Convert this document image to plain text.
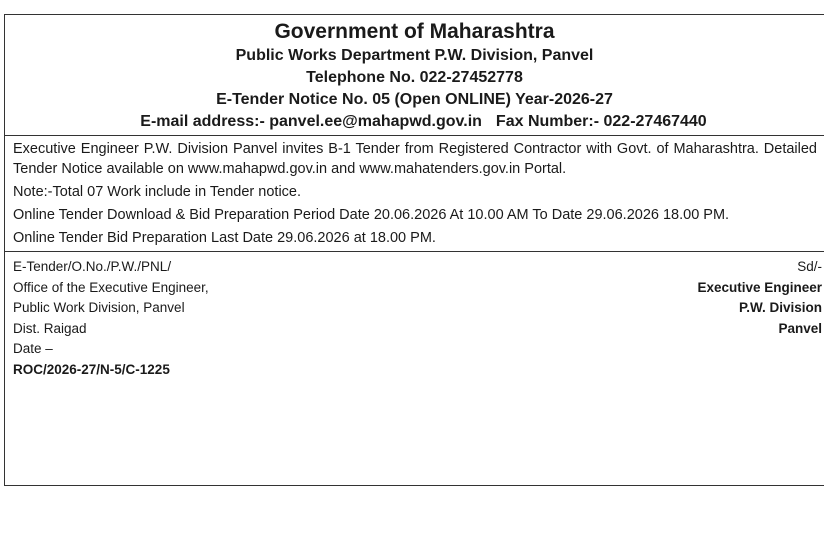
Government of Maharashtra
Public Works Department P.W. Division, Panvel
Telephone No. 022-27452778
E-Tender Notice No. 05 (Open ONLINE) Year-2026-27
E-mail address:- panvel.ee@mahapwd.gov.in Fax Number:- 022-27467440

Executive Engineer P.W. Division Panvel invites B-1 Tender from Registered Contractor with Govt. of Maharashtra. Detailed Tender Notice available on www.mahapwd.gov.in and www.mahatenders.gov.in Portal.

Note:-Total 07 Work include in Tender notice.

Online Tender Download & Bid Preparation Period Date 20.06.2026 At 10.00 AM To Date 29.06.2026 18.00 PM.

Online Tender Bid Preparation Last Date 29.06.2026 at 18.00 PM.

E-Tender/O.No./P.W./PNL/
Office of the Executive Engineer,
Public Work Division, Panvel
Dist. Raigad
Date –
ROC/2026-27/N-5/C-1225
Sd/-
Executive Engineer
P.W. Division
Panvel
